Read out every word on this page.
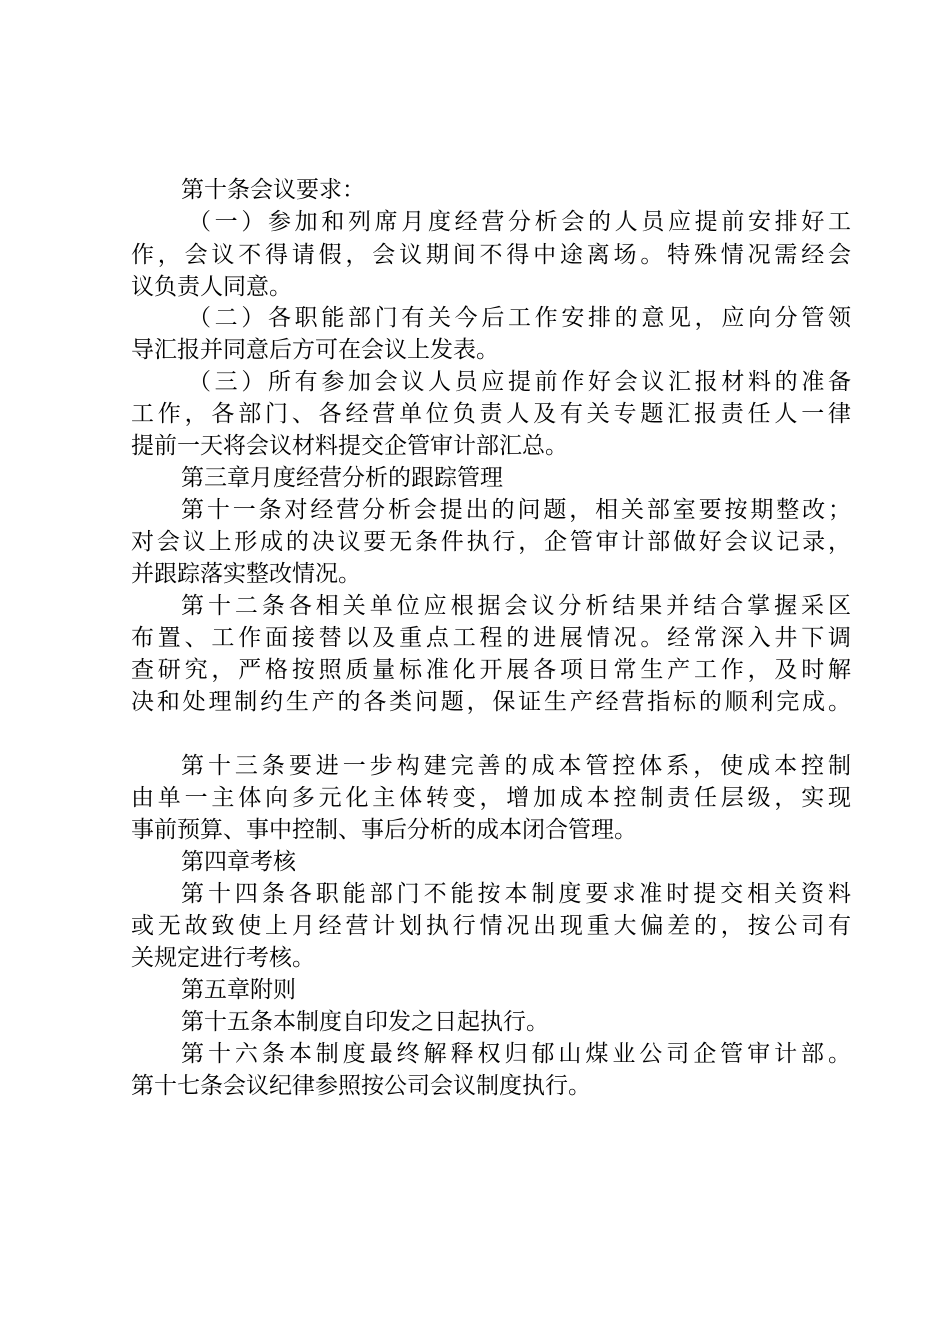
第十条会议要求：
（一）参加和列席月度经营分析会的人员应提前安排好工
作，会议不得请假，会议期间不得中途离场。特殊情况需经会
议负责人同意。
（二）各职能部门有关今后工作安排的意见，应向分管领
导汇报并同意后方可在会议上发表。
（三）所有参加会议人员应提前作好会议汇报材料的准备
工作，各部门、各经营单位负责人及有关专题汇报责任人一律
提前一天将会议材料提交企管审计部汇总。
第三章月度经营分析的跟踪管理
第十一条对经营分析会提出的问题，相关部室要按期整改；
对会议上形成的决议要无条件执行，企管审计部做好会议记录，
并跟踪落实整改情况。
第十二条各相关单位应根据会议分析结果并结合掌握采区
布置、工作面接替以及重点工程的进展情况。经常深入井下调
查研究，严格按照质量标准化开展各项日常生产工作，及时解
决和处理制约生产的各类问题，保证生产经营指标的顺利完成。
第十三条要进一步构建完善的成本管控体系，使成本控制
由单一主体向多元化主体转变，增加成本控制责任层级，实现
事前预算、事中控制、事后分析的成本闭合管理。
第四章考核
第十四条各职能部门不能按本制度要求准时提交相关资料
或无故致使上月经营计划执行情况出现重大偏差的，按公司有
关规定进行考核。
第五章附则
第十五条本制度自印发之日起执行。
第十六条本制度最终解释权归郁山煤业公司企管审计部。
第十七条会议纪律参照按公司会议制度执行。
